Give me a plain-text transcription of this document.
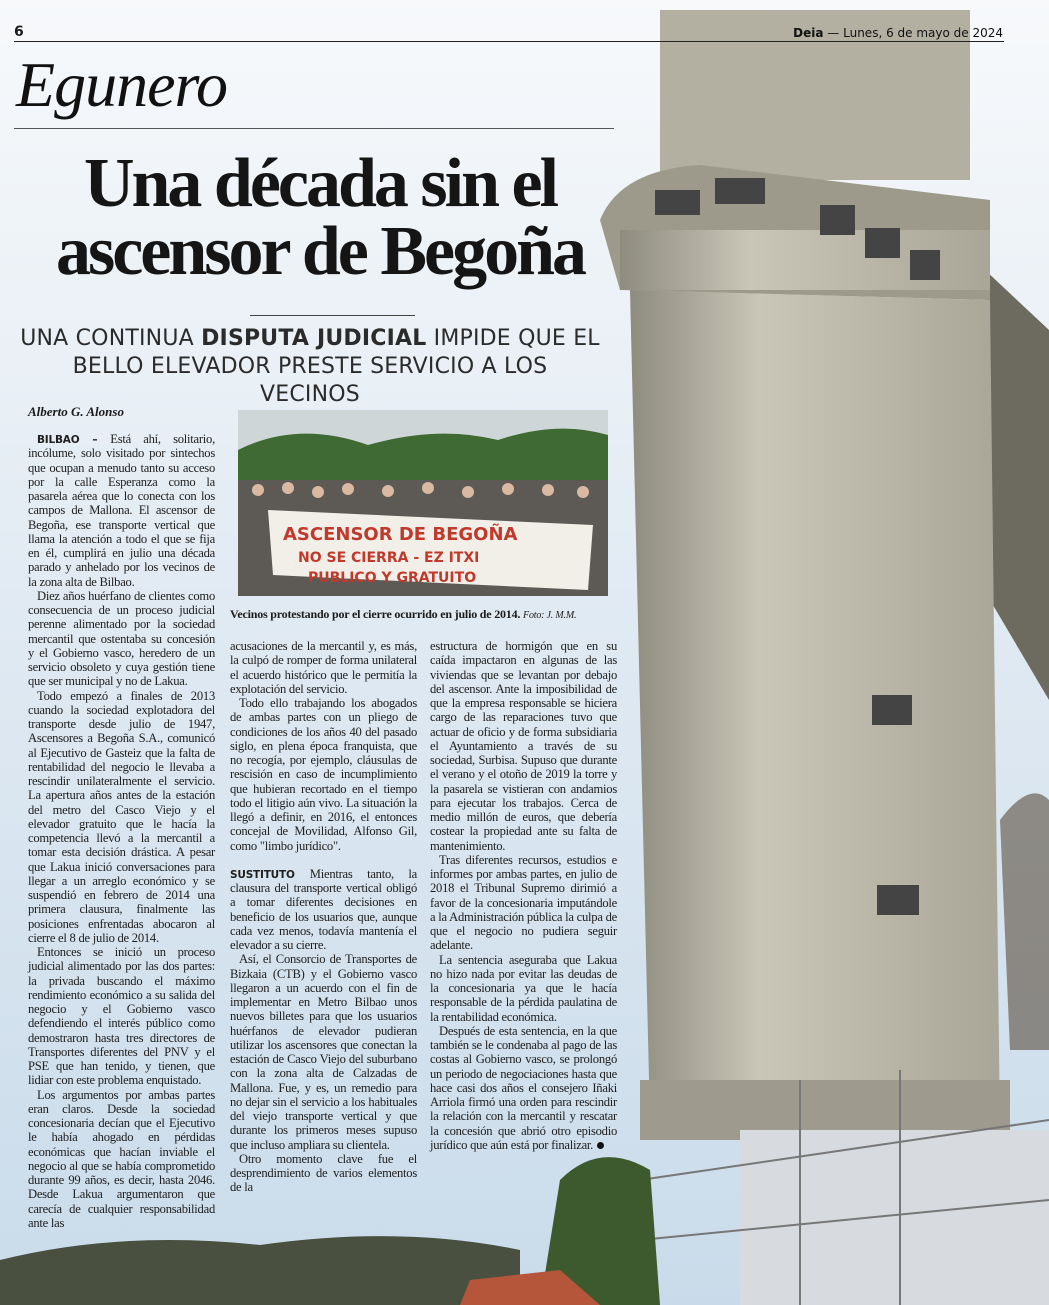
6	Deia — Lunes, 6 de mayo de 2024
Egunero
Una década sin el ascensor de Begoña
UNA CONTINUA DISPUTA JUDICIAL IMPIDE QUE EL BELLO ELEVADOR PRESTE SERVICIO A LOS VECINOS
Alberto G. Alonso
ASCENSOR DE BEGOÑA
NO SE CIERRA - EZ ITXI
PUBLICO Y GRATUITO
Vecinos protestando por el cierre ocurrido en julio de 2014. Foto: J. M.M.

BILBAO – Está ahí, solitario, incólume, solo visitado por sintechos que ocupan a menudo tanto su acceso por la calle Esperanza como la pasarela aérea que lo conecta con los campos de Mallona. El ascensor de Begoña, ese transporte vertical que llama la atención a todo el que se fija en él, cumplirá en julio una década parado y anhelado por los vecinos de la zona alta de Bilbao.

Diez años huérfano de clientes como consecuencia de un proceso judicial perenne alimentado por la sociedad mercantil que ostentaba su concesión y el Gobierno vasco, heredero de un servicio obsoleto y cuya gestión tiene que ser municipal y no de Lakua.

Todo empezó a finales de 2013 cuando la sociedad explotadora del transporte desde julio de 1947, Ascensores a Begoña S.A., comunicó al Ejecutivo de Gasteiz que la falta de rentabilidad del negocio le llevaba a rescindir unilateralmente el servicio. La apertura años antes de la estación del metro del Casco Viejo y el elevador gratuito que le hacía la competencia llevó a la mercantil a tomar esta decisión drástica. A pesar que Lakua inició conversaciones para llegar a un arreglo económico y se suspendió en febrero de 2014 una primera clausura, finalmente las posiciones enfrentadas abocaron al cierre el 8 de julio de 2014.

Entonces se inició un proceso judicial alimentado por las dos partes: la privada buscando el máximo rendimiento económico a su salida del negocio y el Gobierno vasco defendiendo el interés público como demostraron hasta tres directores de Transportes diferentes del PNV y el PSE que han tenido, y tienen, que lidiar con este problema enquistado.

Los argumentos por ambas partes eran claros. Desde la sociedad concesionaria decían que el Ejecutivo le había ahogado en pérdidas económicas que hacían inviable el negocio al que se había comprometido durante 99 años, es decir, hasta 2046. Desde Lakua argumentaron que carecía de cualquier responsabilidad ante las

acusaciones de la mercantil y, es más, la culpó de romper de forma unilateral el acuerdo histórico que le permitía la explotación del servicio.

Todo ello trabajando los abogados de ambas partes con un pliego de condiciones de los años 40 del pasado siglo, en plena época franquista, que no recogía, por ejemplo, cláusulas de rescisión en caso de incumplimiento que hubieran recortado en el tiempo todo el litigio aún vivo. La situación la llegó a definir, en 2016, el entonces concejal de Movilidad, Alfonso Gil, como "limbo jurídico".

SUSTITUTO Mientras tanto, la clausura del transporte vertical obligó a tomar diferentes decisiones en beneficio de los usuarios que, aunque cada vez menos, todavía mantenía el elevador a su cierre.

Así, el Consorcio de Transportes de Bizkaia (CTB) y el Gobierno vasco llegaron a un acuerdo con el fin de implementar en Metro Bilbao unos nuevos billetes para que los usuarios huérfanos de elevador pudieran utilizar los ascensores que conectan la estación de Casco Viejo del suburbano con la zona alta de Calzadas de Mallona. Fue, y es, un remedio para no dejar sin el servicio a los habituales del viejo transporte vertical y que durante los primeros meses supuso que incluso ampliara su clientela.

Otro momento clave fue el desprendimiento de varios elementos de la

estructura de hormigón que en su caída impactaron en algunas de las viviendas que se levantan por debajo del ascensor. Ante la imposibilidad de que la empresa responsable se hiciera cargo de las reparaciones tuvo que actuar de oficio y de forma subsidiaria el Ayuntamiento a través de su sociedad, Surbisa. Supuso que durante el verano y el otoño de 2019 la torre y la pasarela se vistieran con andamios para ejecutar los trabajos. Cerca de medio millón de euros, que debería costear la propiedad ante su falta de mantenimiento.

Tras diferentes recursos, estudios e informes por ambas partes, en julio de 2018 el Tribunal Supremo dirimió a favor de la concesionaria imputándole a la Administración pública la culpa de que el negocio no pudiera seguir adelante.

La sentencia aseguraba que Lakua no hizo nada por evitar las deudas de la concesionaria ya que le hacía responsable de la pérdida paulatina de la rentabilidad económica.

Después de esta sentencia, en la que también se le condenaba al pago de las costas al Gobierno vasco, se prolongó un periodo de negociaciones hasta que hace casi dos años el consejero Iñaki Arriola firmó una orden para rescindir la relación con la mercantil y rescatar la concesión que abrió otro episodio jurídico que aún está por finalizar.
